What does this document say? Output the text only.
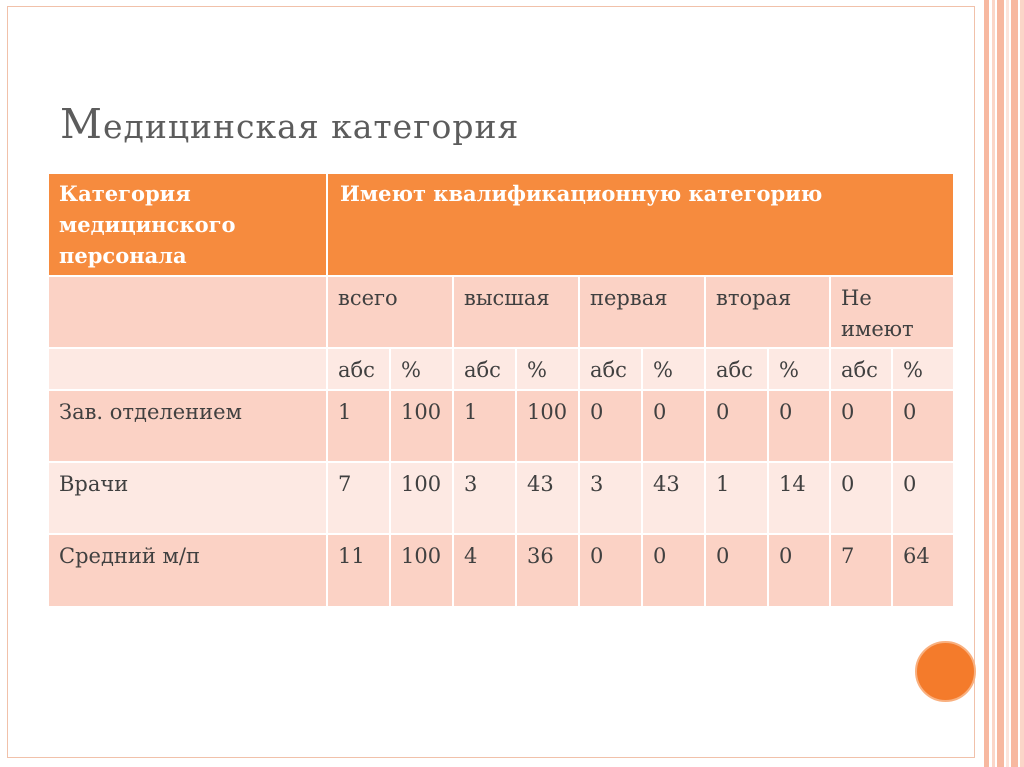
Медицинская категория
Категория медицинского персонала	Имеют квалификационную категорию									
	всего		высшая		первая		вторая		Не имеют	
	абс	%	абс	%	абс	%	абс	%	абс	%
Зав. отделением	1	100	1	100	0	0	0	0	0	0
Врачи	7	100	3	43	3	43	1	14	0	0
Средний м/п	11	100	4	36	0	0	0	0	7	64
